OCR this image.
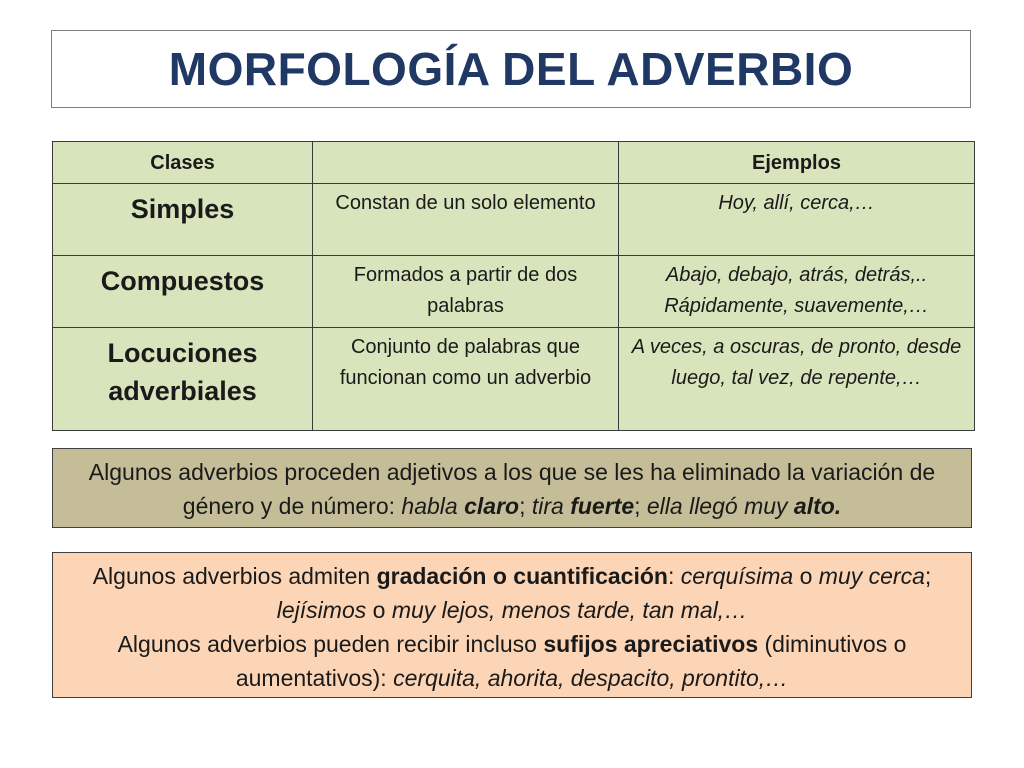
MORFOLOGÍA DEL ADVERBIO
Clases		Ejemplos
Simples	Constan de un solo elemento	Hoy, allí, cerca,…
Compuestos	Formados a partir de dos palabras	Abajo, debajo, atrás, detrás,.. Rápidamente, suavemente,…
Locuciones adverbiales	Conjunto de palabras que funcionan como un adverbio	A veces, a oscuras, de pronto, desde luego, tal vez, de repente,…
Algunos adverbios proceden adjetivos a los que se les ha eliminado la variación de género y de número: habla claro; tira fuerte; ella llegó muy alto.
Algunos adverbios admiten gradación o cuantificación: cerquísima o muy cerca; lejísimos o muy lejos, menos tarde, tan mal,…
Algunos adverbios pueden recibir incluso sufijos apreciativos (diminutivos o aumentativos): cerquita, ahorita, despacito, prontito,…
